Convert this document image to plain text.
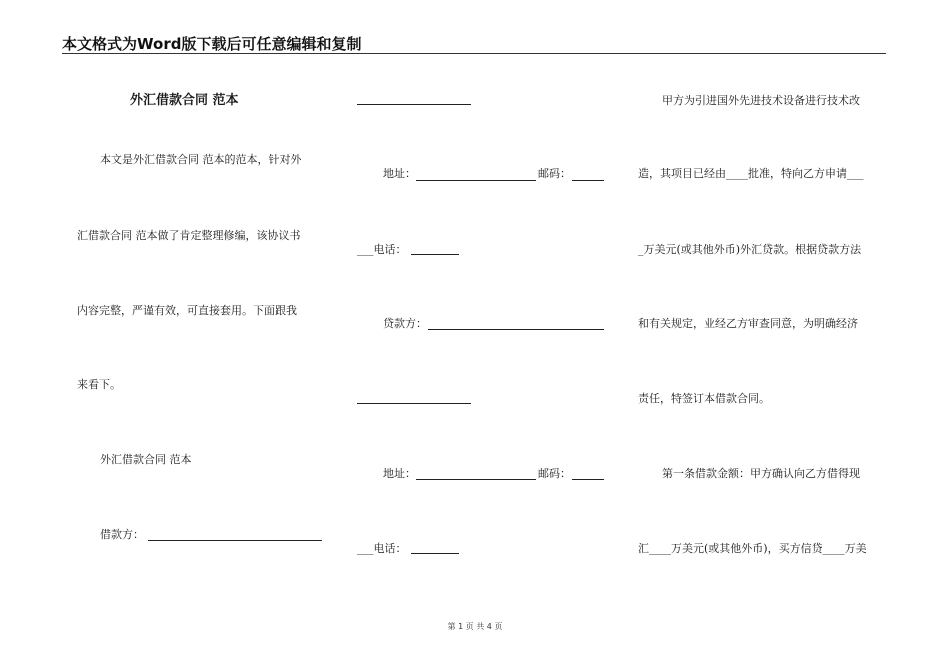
本文格式为Word版下载后可任意编辑和复制
外汇借款合同 范本
本文是外汇借款合同 范本的范本，针对外
汇借款合同 范本做了肯定整理修编，该协议书
内容完整，严谨有效，可直接套用。下面跟我
来看下。
外汇借款合同 范本
借款方：
地址：	邮码：
___电话：
贷款方：
地址：	邮码：
___电话：
甲方为引进国外先进技术设备进行技术改
造，其项目已经由____批准，特向乙方申请___
_万美元(或其他外币)外汇贷款。根据贷款方法
和有关规定，业经乙方审查同意，为明确经济
责任，特签订本借款合同。
第一条借款金额：甲方确认向乙方借得现
汇____万美元(或其他外币)，买方信贷____万美
第 1 页 共 4 页
